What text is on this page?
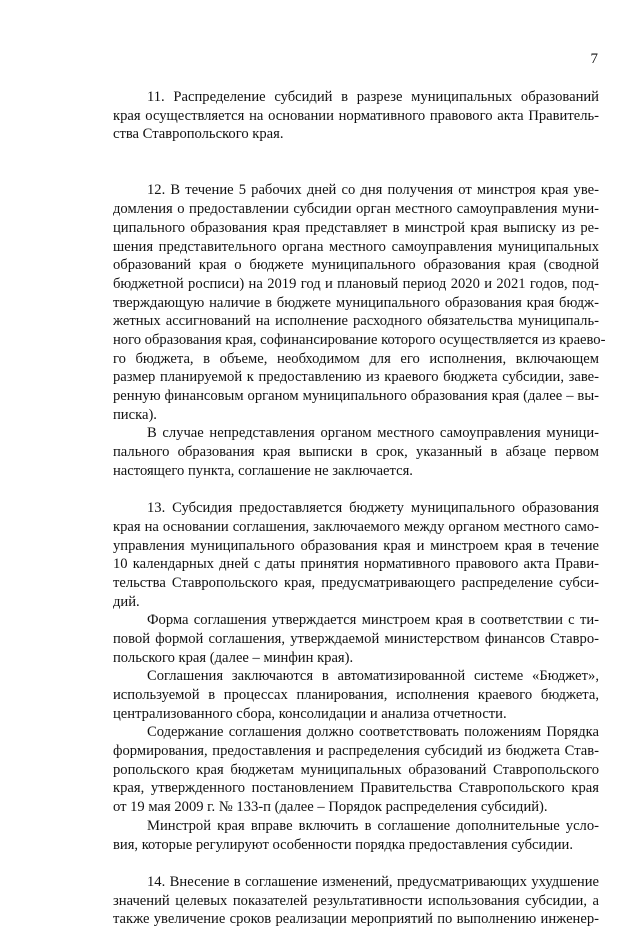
7
11. Распределение субсидий в разрезе муниципальных образований
края осуществляется на основании нормативного правового акта Правитель-
ства Ставропольского края.
12. В течение 5 рабочих дней со дня получения от минстроя края уве-
домления о предоставлении субсидии орган местного самоуправления муни-
ципального образования края представляет в минстрой края выписку из ре-
шения представительного органа местного самоуправления муниципальных
образований края о бюджете муниципального образования края (сводной
бюджетной росписи) на 2019 год и плановый период 2020 и 2021 годов, под-
тверждающую наличие в бюджете муниципального образования края бюдж-
жетных ассигнований на исполнение расходного обязательства муниципаль-
ного образования края, софинансирование которого осуществляется из краево-
го бюджета, в объеме, необходимом для его исполнения, включающем
размер планируемой к предоставлению из краевого бюджета субсидии, заве-
ренную финансовым органом муниципального образования края (далее – вы-
писка).
В случае непредставления органом местного самоуправления муници-
пального образования края выписки в срок, указанный в абзаце первом
настоящего пункта, соглашение не заключается.
13. Субсидия предоставляется бюджету муниципального образования
края на основании соглашения, заключаемого между органом местного само-
управления муниципального образования края и минстроем края в течение
10 календарных дней с даты принятия нормативного правового акта Прави-
тельства Ставропольского края, предусматривающего распределение субси-
дий.
Форма соглашения утверждается минстроем края в соответствии с ти-
повой формой соглашения, утверждаемой министерством финансов Ставро-
польского края (далее – минфин края).
Соглашения заключаются в автоматизированной системе «Бюджет»,
используемой в процессах планирования, исполнения краевого бюджета,
централизованного сбора, консолидации и анализа отчетности.
Содержание соглашения должно соответствовать положениям Порядка
формирования, предоставления и распределения субсидий из бюджета Став-
ропольского края бюджетам муниципальных образований Ставропольского
края, утвержденного постановлением Правительства Ставропольского края
от 19 мая 2009 г. № 133-п (далее – Порядок распределения субсидий).
Минстрой края вправе включить в соглашение дополнительные усло-
вия, которые регулируют особенности порядка предоставления субсидии.
14. Внесение в соглашение изменений, предусматривающих ухудшение
значений целевых показателей результативности использования субсидии, а
также увеличение сроков реализации мероприятий по выполнению инженер-
